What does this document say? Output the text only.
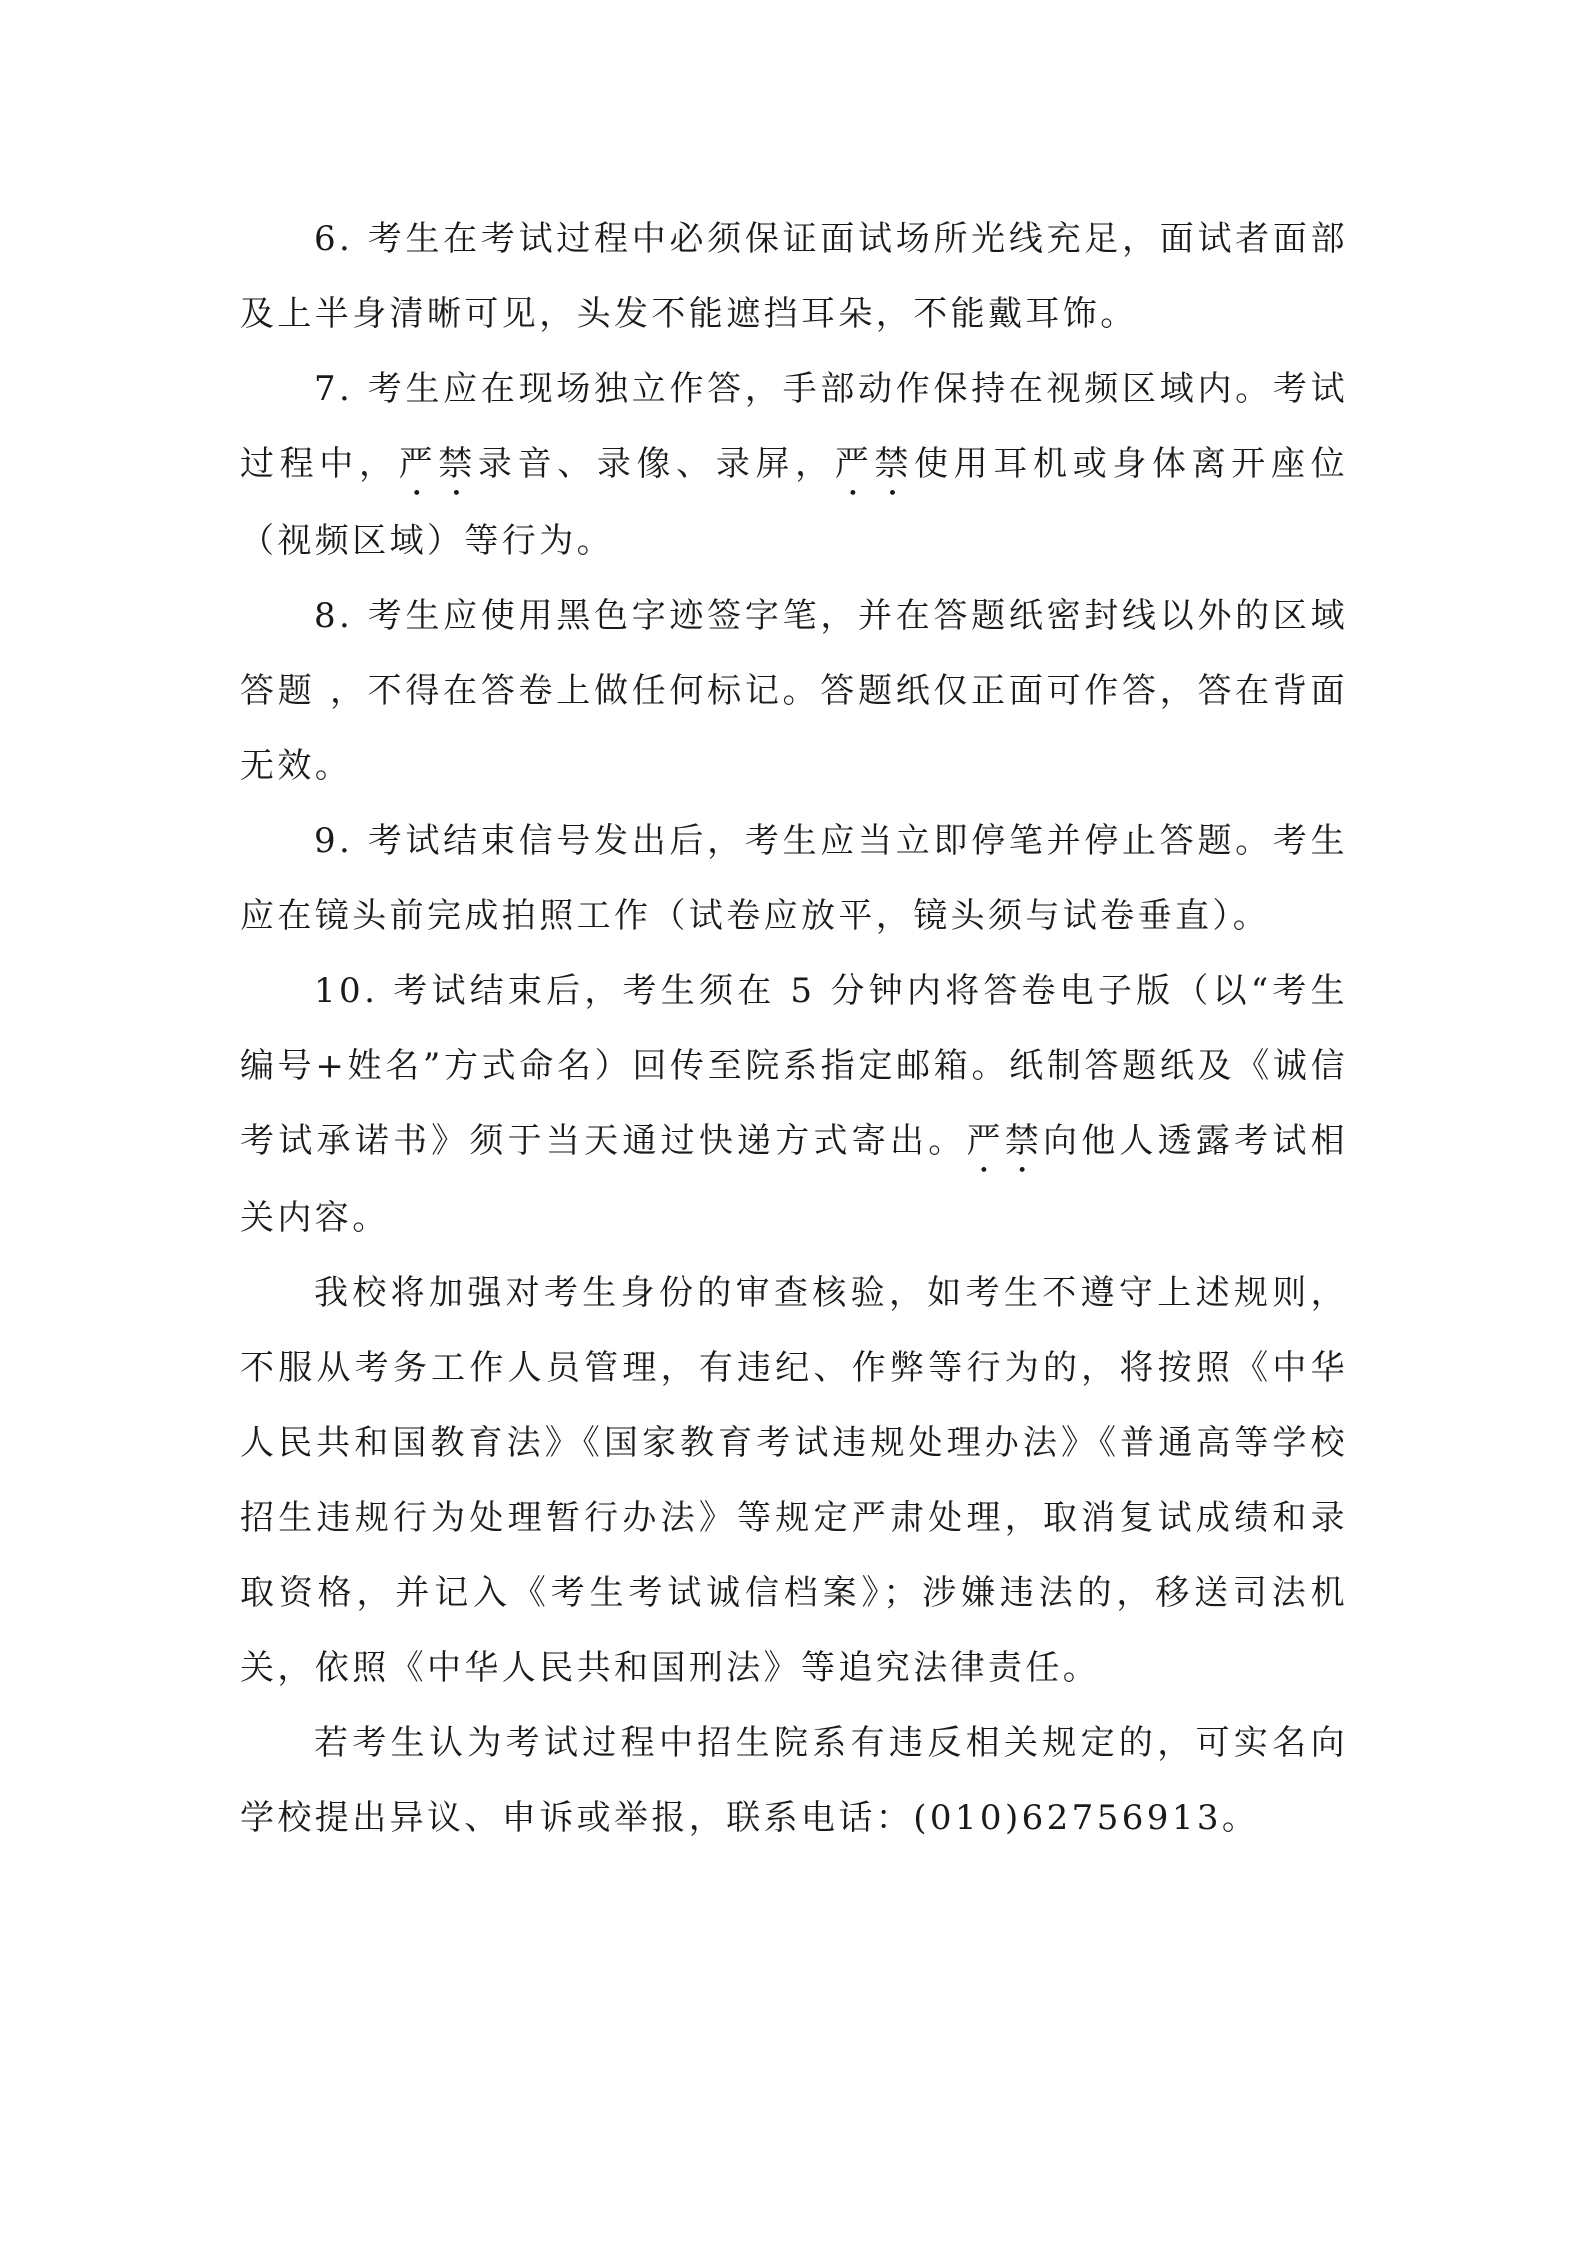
6. 考生在考试过程中必须保证面试场所光线充足，面试者面部及上半身清晰可见，头发不能遮挡耳朵，不能戴耳饰。

7. 考生应在现场独立作答，手部动作保持在视频区域内。考试过程中，严禁录音、录像、录屏，严禁使用耳机或身体离开座位（视频区域）等行为。

8. 考生应使用黑色字迹签字笔，并在答题纸密封线以外的区域答题 ，不得在答卷上做任何标记。答题纸仅正面可作答，答在背面无效。

9. 考试结束信号发出后，考生应当立即停笔并停止答题。考生应在镜头前完成拍照工作（试卷应放平，镜头须与试卷垂直）。

10. 考试结束后，考生须在 5 分钟内将答卷电子版（以“考生编号+姓名”方式命名）回传至院系指定邮箱。纸制答题纸及《诚信考试承诺书》须于当天通过快递方式寄出。严禁向他人透露考试相关内容。

我校将加强对考生身份的审查核验，如考生不遵守上述规则，不服从考务工作人员管理，有违纪、作弊等行为的，将按照《中华人民共和国教育法》《国家教育考试违规处理办法》《普通高等学校招生违规行为处理暂行办法》等规定严肃处理，取消复试成绩和录取资格，并记入《考生考试诚信档案》；涉嫌违法的，移送司法机关，依照《中华人民共和国刑法》等追究法律责任。

若考生认为考试过程中招生院系有违反相关规定的，可实名向学校提出异议、申诉或举报，联系电话：(010)62756913。
